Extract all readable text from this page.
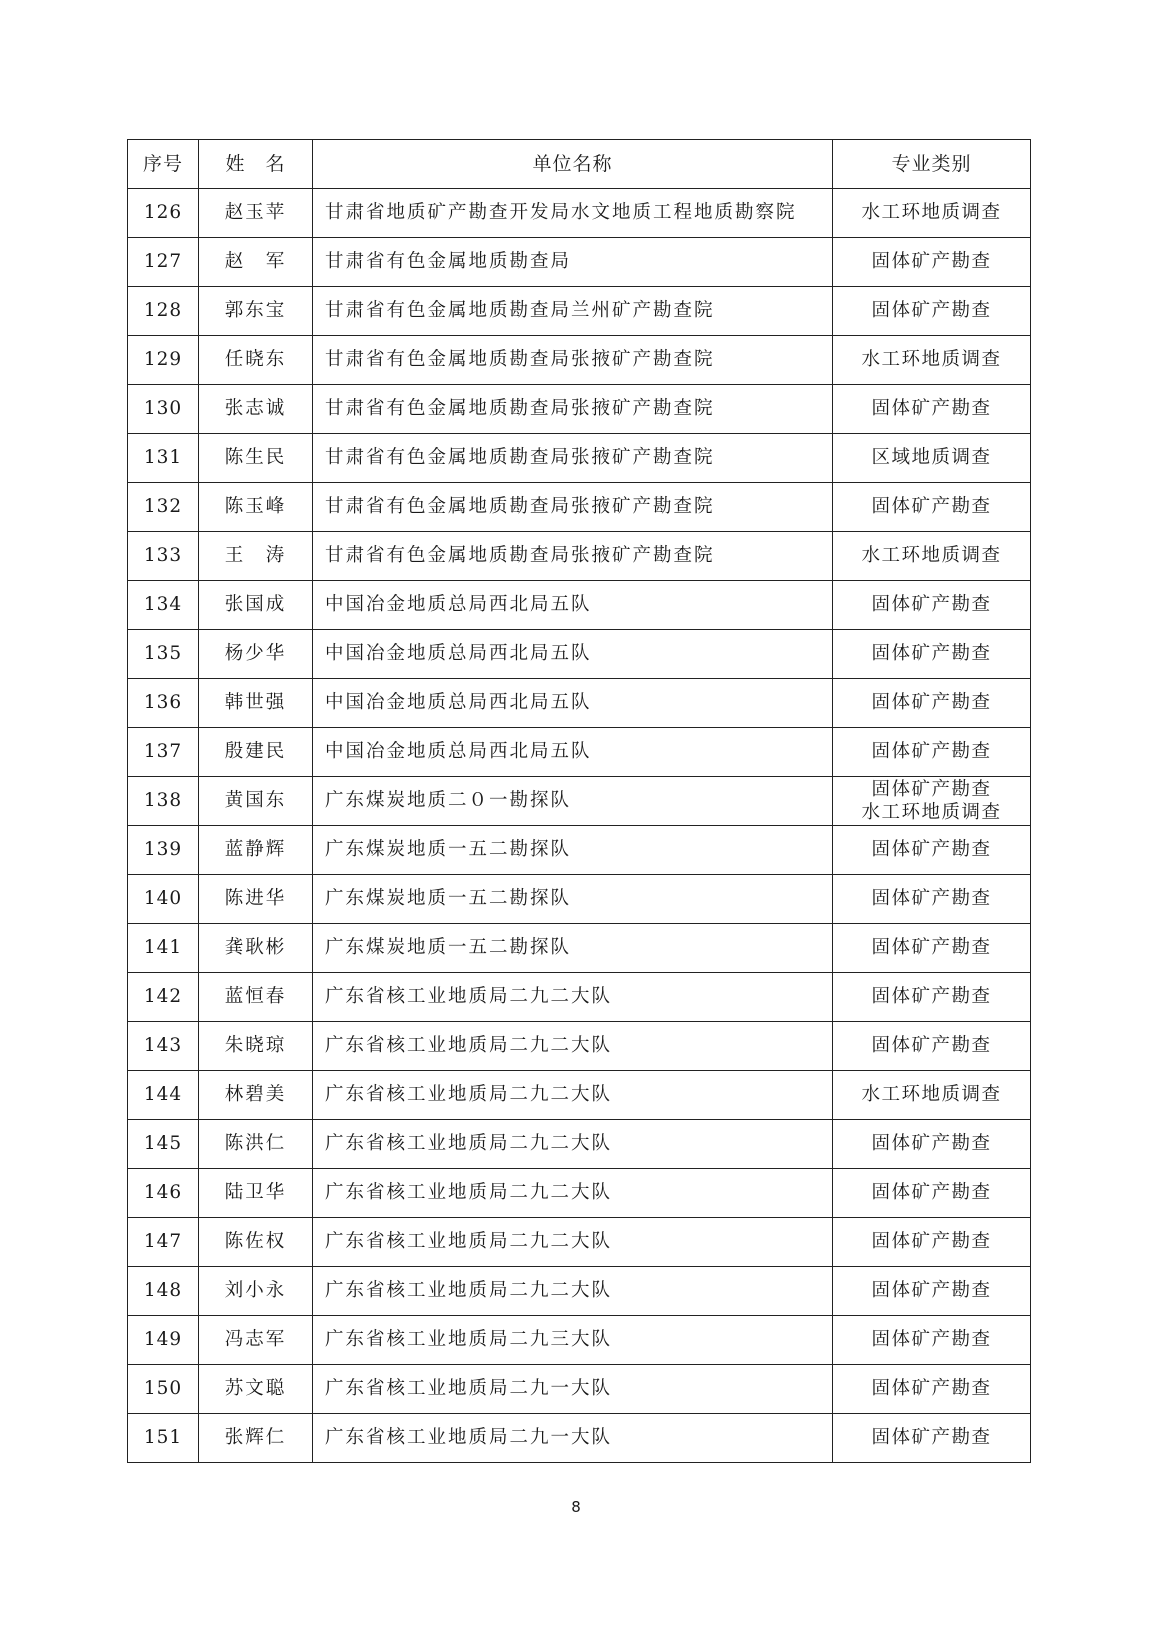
序号	姓　名	单位名称	专业类别
126	赵玉苹	甘肃省地质矿产勘查开发局水文地质工程地质勘察院	水工环地质调查

127	赵　军	甘肃省有色金属地质勘查局	固体矿产勘查

128	郭东宝	甘肃省有色金属地质勘查局兰州矿产勘查院	固体矿产勘查

129	任晓东	甘肃省有色金属地质勘查局张掖矿产勘查院	水工环地质调查

130	张志诚	甘肃省有色金属地质勘查局张掖矿产勘查院	固体矿产勘查

131	陈生民	甘肃省有色金属地质勘查局张掖矿产勘查院	区域地质调查

132	陈玉峰	甘肃省有色金属地质勘查局张掖矿产勘查院	固体矿产勘查

133	王　涛	甘肃省有色金属地质勘查局张掖矿产勘查院	水工环地质调查

134	张国成	中国冶金地质总局西北局五队	固体矿产勘查

135	杨少华	中国冶金地质总局西北局五队	固体矿产勘查

136	韩世强	中国冶金地质总局西北局五队	固体矿产勘查

137	殷建民	中国冶金地质总局西北局五队	固体矿产勘查

138	黄国东	广东煤炭地质二０一勘探队	固体矿产勘查
水工环地质调查

139	蓝静辉	广东煤炭地质一五二勘探队	固体矿产勘查

140	陈进华	广东煤炭地质一五二勘探队	固体矿产勘查

141	龚耿彬	广东煤炭地质一五二勘探队	固体矿产勘查

142	蓝恒春	广东省核工业地质局二九二大队	固体矿产勘查

143	朱晓琼	广东省核工业地质局二九二大队	固体矿产勘查

144	林碧美	广东省核工业地质局二九二大队	水工环地质调查

145	陈洪仁	广东省核工业地质局二九二大队	固体矿产勘查

146	陆卫华	广东省核工业地质局二九二大队	固体矿产勘查

147	陈佐权	广东省核工业地质局二九二大队	固体矿产勘查

148	刘小永	广东省核工业地质局二九二大队	固体矿产勘查

149	冯志军	广东省核工业地质局二九三大队	固体矿产勘查

150	苏文聪	广东省核工业地质局二九一大队	固体矿产勘查

151	张辉仁	广东省核工业地质局二九一大队	固体矿产勘查
8
